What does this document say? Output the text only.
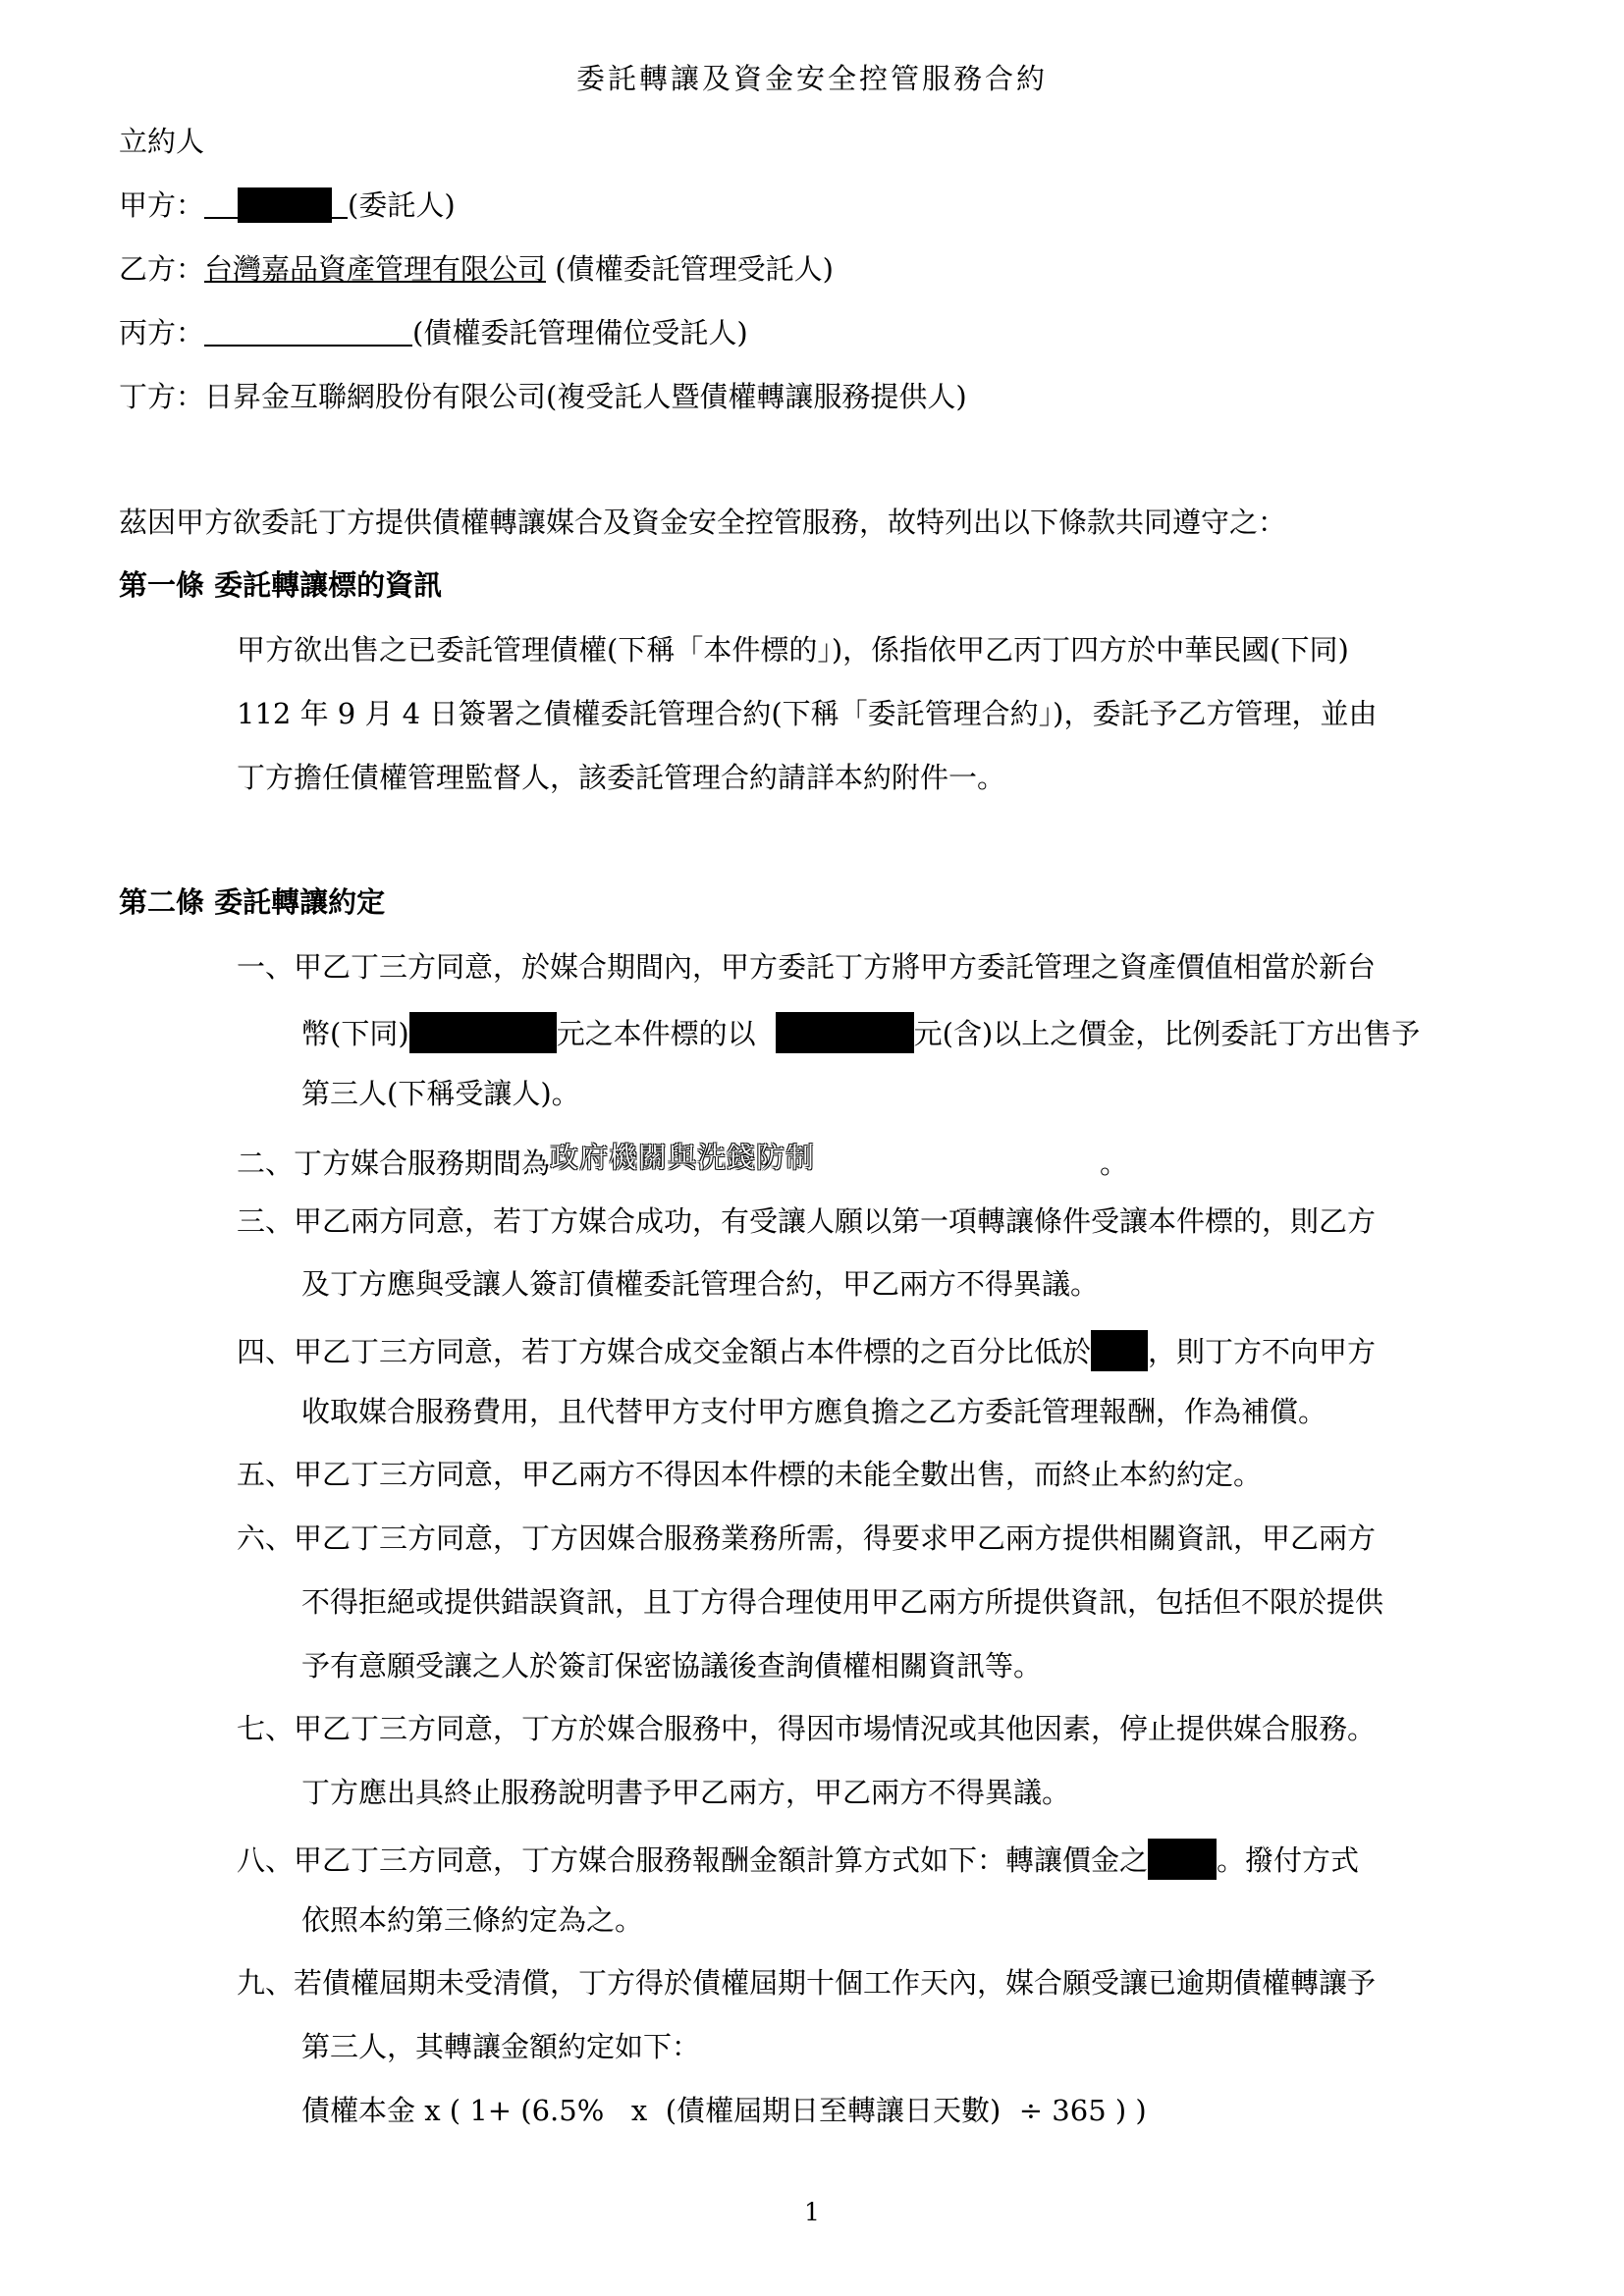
委託轉讓及資金安全控管服務合約
立約人
甲方：	(委託人)
乙方：台灣嘉品資產管理有限公司 (債權委託管理受託人)
丙方：	(債權委託管理備位受託人)
丁方：日昇金互聯網股份有限公司(複受託人暨債權轉讓服務提供人)
茲因甲方欲委託丁方提供債權轉讓媒合及資金安全控管服務，故特列出以下條款共同遵守之：
第一條 委託轉讓標的資訊
甲方欲出售之已委託管理債權(下稱「本件標的」)，係指依甲乙丙丁四方於中華民國(下同)
112 年 9 月 4 日簽署之債權委託管理合約(下稱「委託管理合約」)，委託予乙方管理，並由
丁方擔任債權管理監督人，該委託管理合約請詳本約附件一。
第二條 委託轉讓約定
一、甲乙丁三方同意，於媒合期間內，甲方委託丁方將甲方委託管理之資產價值相當於新台
幣(下同)	元之本件標的以	元(含)以上之價金，比例委託丁方出售予
第三人(下稱受讓人)。
二、丁方媒合服務期間為政府機關與洗錢防制	。
三、甲乙兩方同意，若丁方媒合成功，有受讓人願以第一項轉讓條件受讓本件標的，則乙方
及丁方應與受讓人簽訂債權委託管理合約，甲乙兩方不得異議。
四、甲乙丁三方同意，若丁方媒合成交金額占本件標的之百分比低於 ，則丁方不向甲方
收取媒合服務費用，且代替甲方支付甲方應負擔之乙方委託管理報酬，作為補償。
五、甲乙丁三方同意，甲乙兩方不得因本件標的未能全數出售，而終止本約約定。
六、甲乙丁三方同意，丁方因媒合服務業務所需，得要求甲乙兩方提供相關資訊，甲乙兩方
不得拒絕或提供錯誤資訊，且丁方得合理使用甲乙兩方所提供資訊，包括但不限於提供
予有意願受讓之人於簽訂保密協議後查詢債權相關資訊等。
七、甲乙丁三方同意，丁方於媒合服務中，得因市場情況或其他因素，停止提供媒合服務。
丁方應出具終止服務說明書予甲乙兩方，甲乙兩方不得異議。
八、甲乙丁三方同意，丁方媒合服務報酬金額計算方式如下：轉讓價金之 。撥付方式
依照本約第三條約定為之。
九、若債權屆期未受清償，丁方得於債權屆期十個工作天內，媒合願受讓已逾期債權轉讓予
第三人，其轉讓金額約定如下：
債權本金 x ( 1+ (6.5%   x  (債權屆期日至轉讓日天數)  ÷ 365 ) )
1
